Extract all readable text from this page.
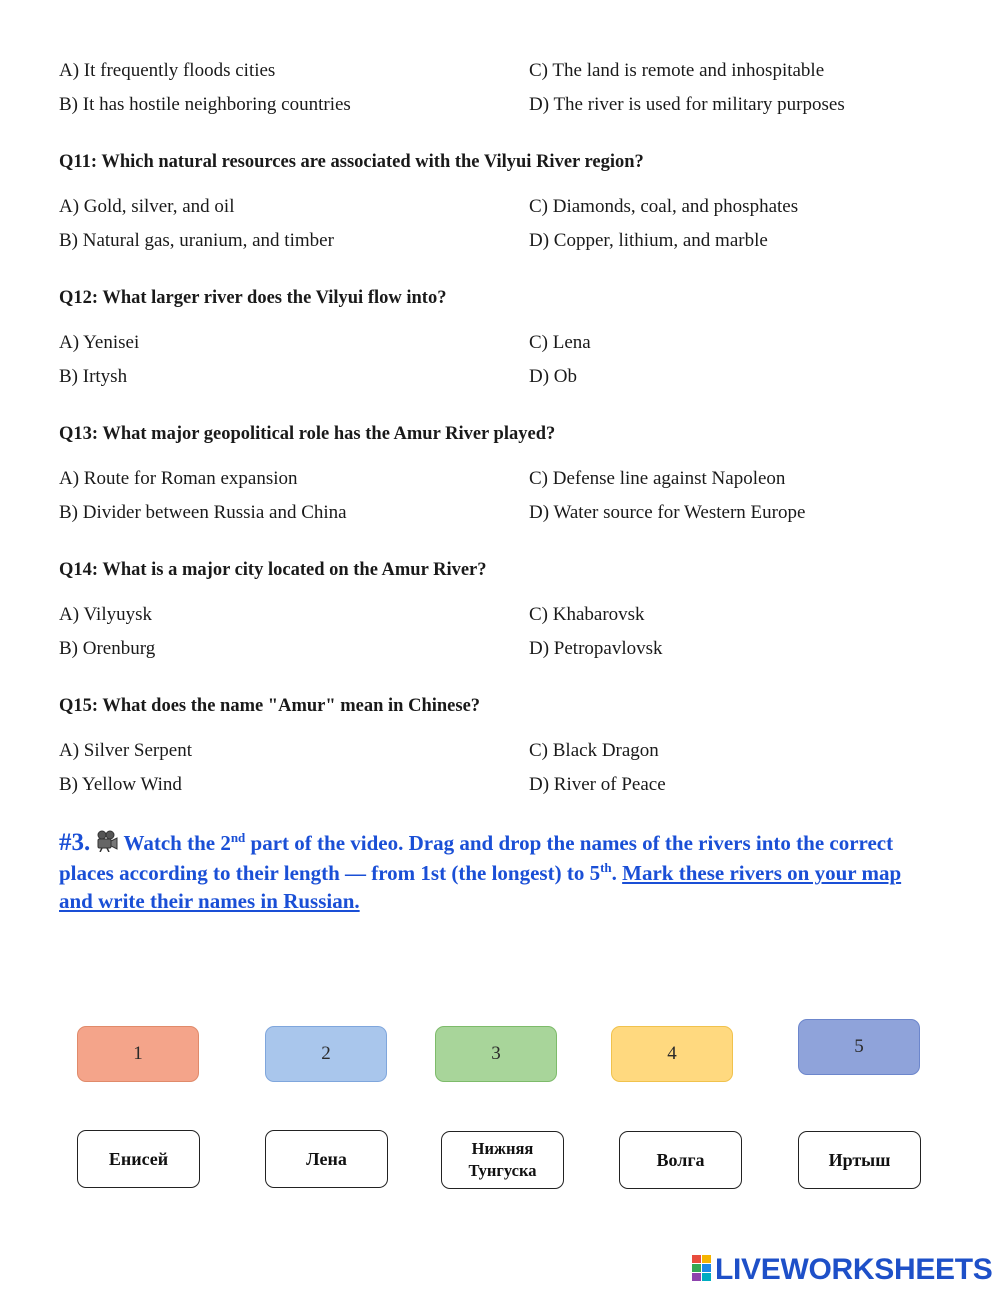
A) It frequently floods cities	C) The land is remote and inhospitable
B) It has hostile neighboring countries	D) The river is used for military purposes
Q11: Which natural resources are associated with the Vilyui River region?
A) Gold, silver, and oil	C) Diamonds, coal, and phosphates
B) Natural gas, uranium, and timber	D) Copper, lithium, and marble
Q12: What larger river does the Vilyui flow into?
A) Yenisei	C) Lena
B) Irtysh	D) Ob
Q13: What major geopolitical role has the Amur River played?
A) Route for Roman expansion	C) Defense line against Napoleon
B) Divider between Russia and China	D) Water source for Western Europe
Q14: What is a major city located on the Amur River?
A) Vilyuysk	C) Khabarovsk
B) Orenburg	D) Petropavlovsk
Q15: What does the name "Amur" mean in Chinese?
A) Silver Serpent	C) Black Dragon
B) Yellow Wind	D) River of Peace
#3. Watch the 2nd part of the video. Drag and drop the names of the rivers into the correct places according to their length — from 1st (the longest) to 5th. Mark these rivers on your map and write their names in Russian.
1	2	3	4	5
Енисей	Лена
Нижняя
Тунгуска
Волга	Иртыш
LIVEWORKSHEETS
